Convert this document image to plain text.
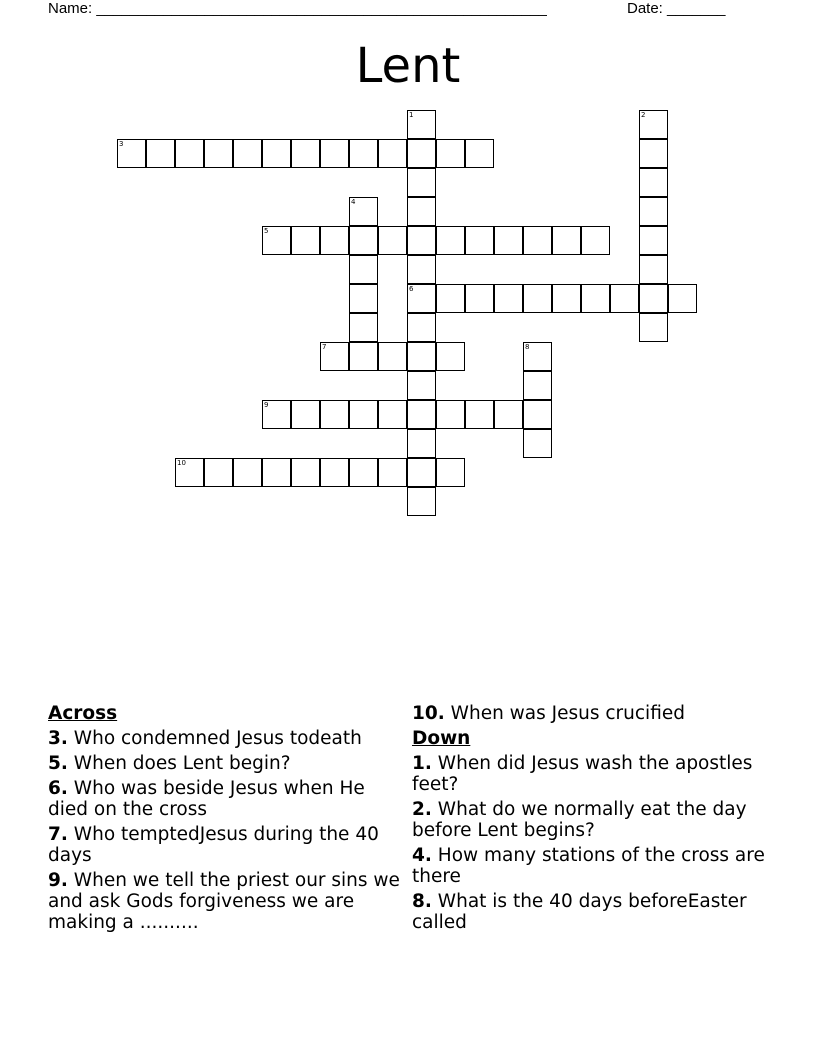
Name: ______________________________________________________	Date: _______
Lent
1
6
2
3
4
5
7	8
9
10
Across
3. Who condemned Jesus todeath
5. When does Lent begin?
6. Who was beside Jesus when He died on the cross
7. Who temptedJesus during the 40 days
9. When we tell the priest our sins we and ask Gods forgiveness we are making a ..........
10. When was Jesus crucified
Down
1. When did Jesus wash the apostles feet?
2. What do we normally eat the day before Lent begins?
4. How many stations of the cross are there
8. What is the 40 days beforeEaster called
